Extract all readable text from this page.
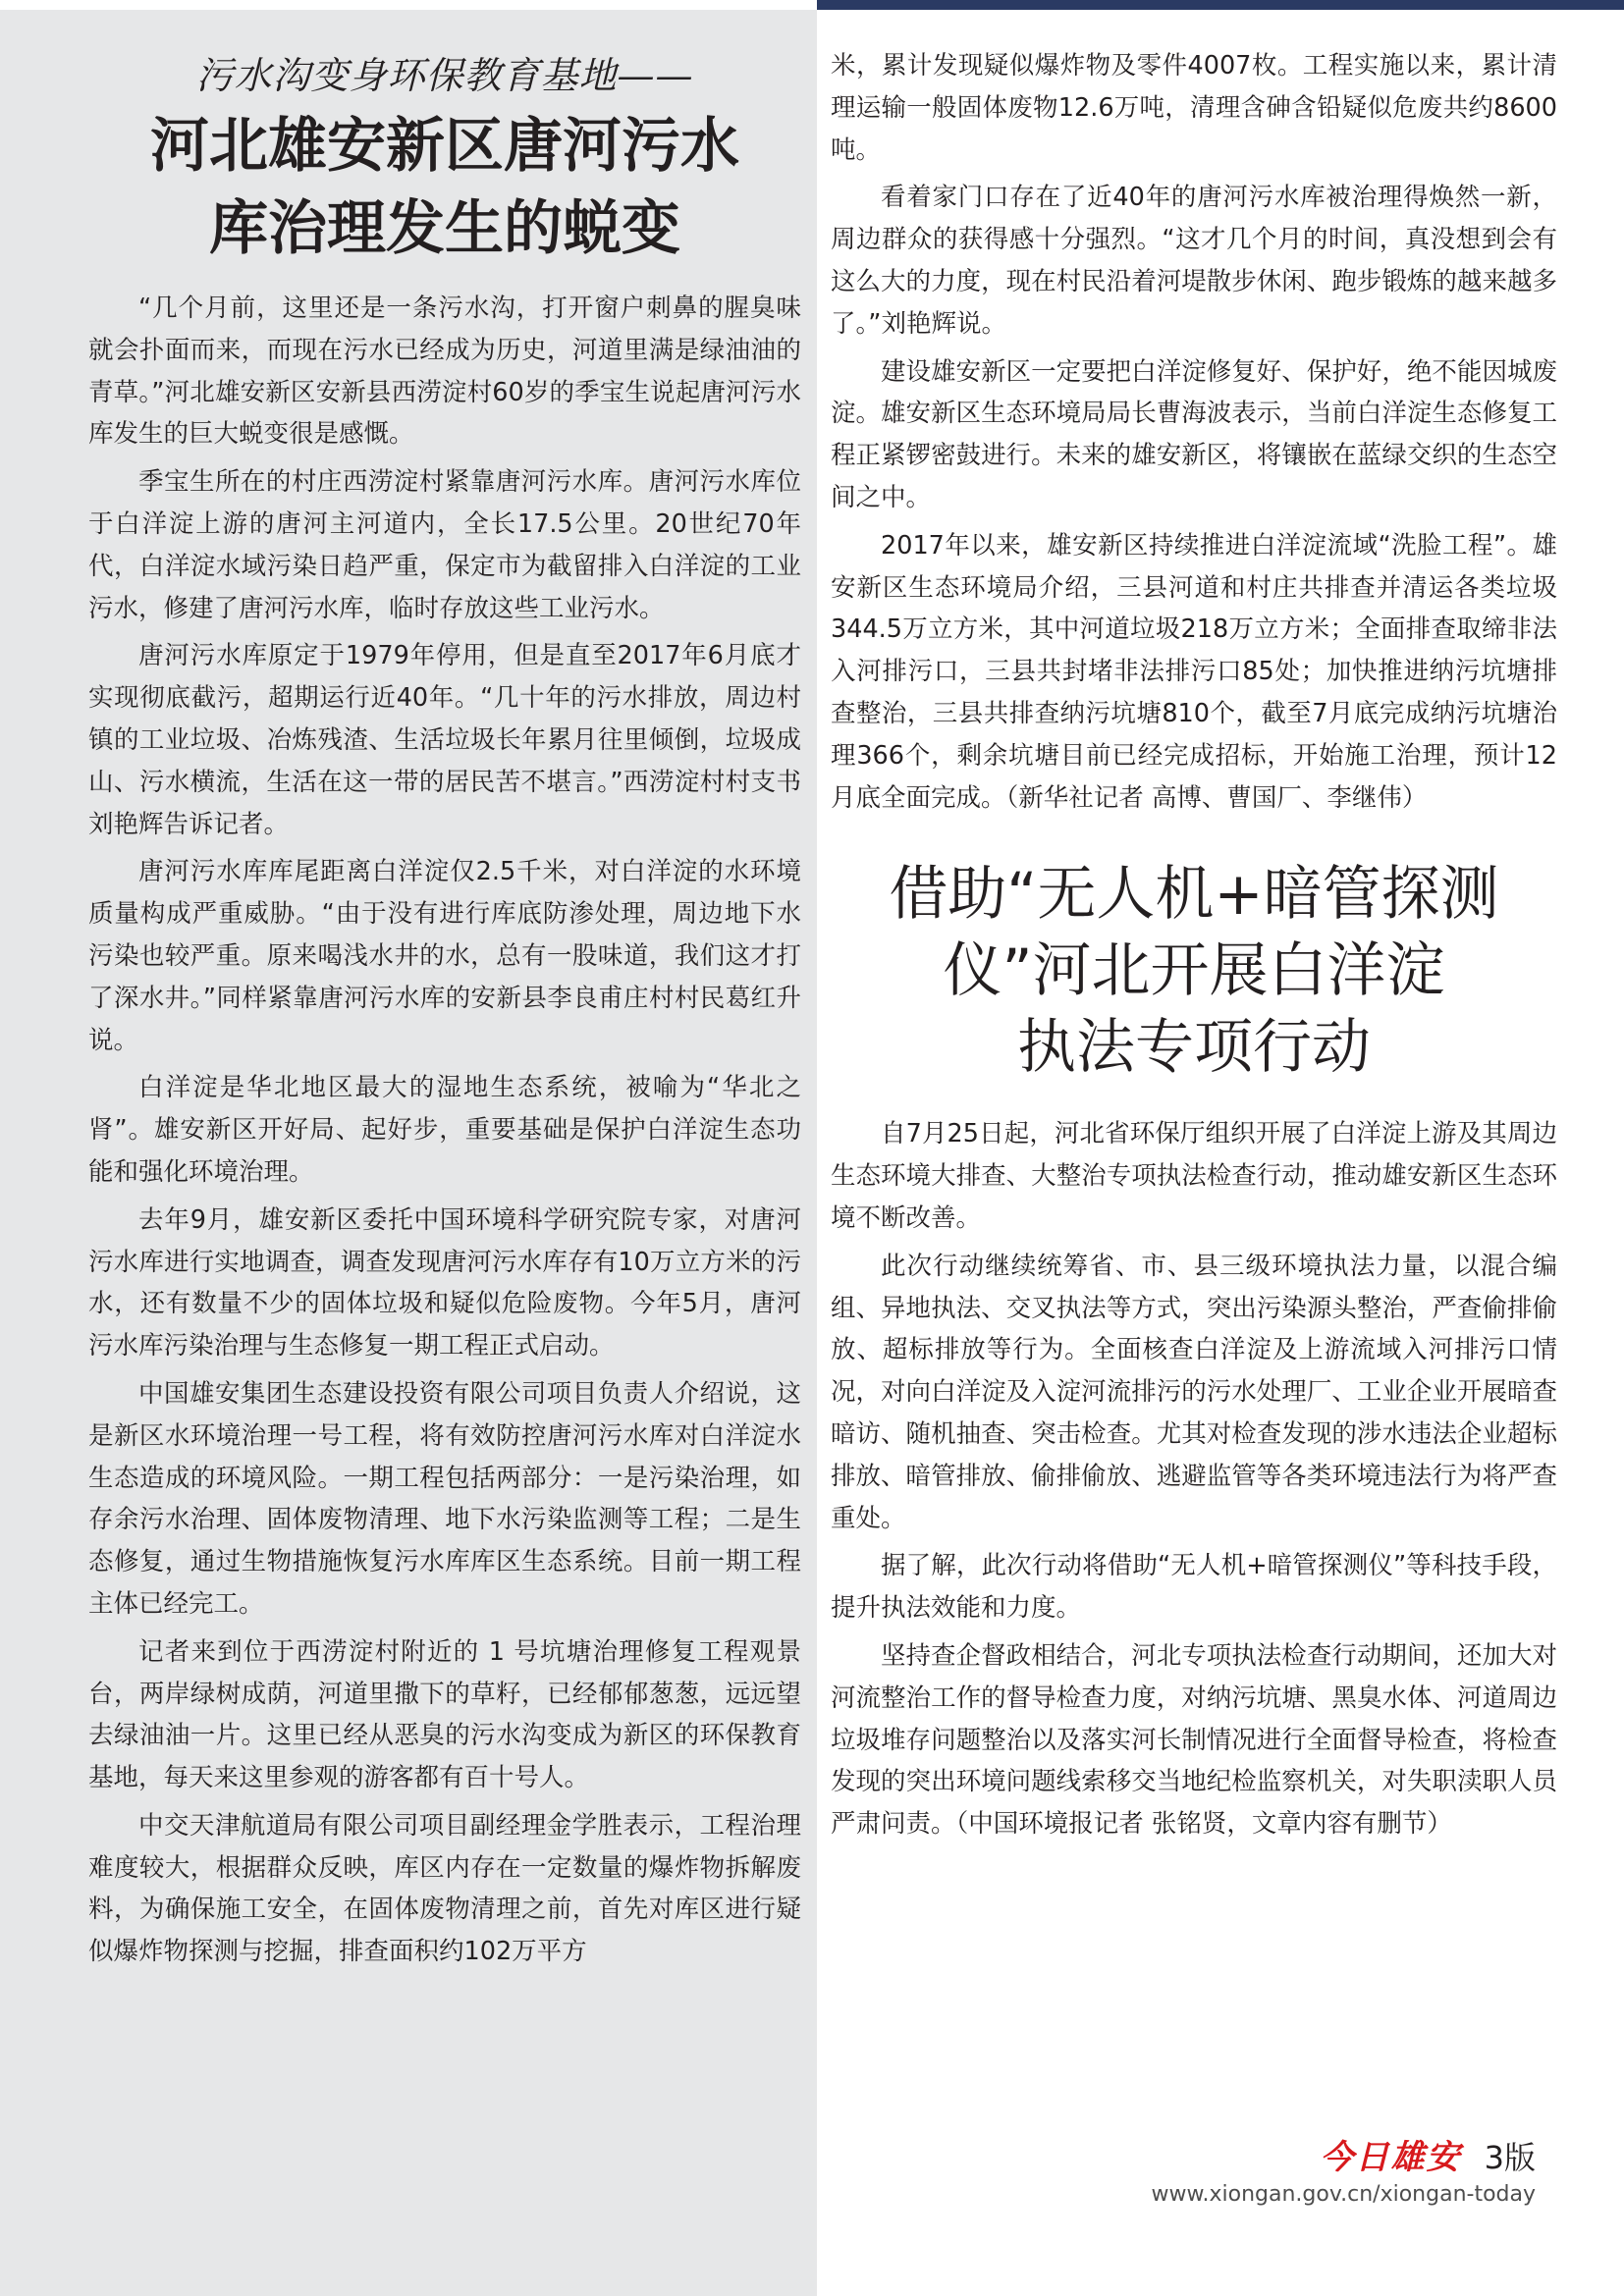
污水沟变身环保教育基地——

河北雄安新区唐河污水
库治理发生的蜕变

“几个月前，这里还是一条污水沟，打开窗户刺鼻的腥臭味就会扑面而来，而现在污水已经成为历史，河道里满是绿油油的青草。”河北雄安新区安新县西涝淀村60岁的季宝生说起唐河污水库发生的巨大蜕变很是感慨。

季宝生所在的村庄西涝淀村紧靠唐河污水库。唐河污水库位于白洋淀上游的唐河主河道内，全长17.5公里。20世纪70年代，白洋淀水域污染日趋严重，保定市为截留排入白洋淀的工业污水，修建了唐河污水库，临时存放这些工业污水。

唐河污水库原定于1979年停用，但是直至2017年6月底才实现彻底截污，超期运行近40年。“几十年的污水排放，周边村镇的工业垃圾、冶炼残渣、生活垃圾长年累月往里倾倒，垃圾成山、污水横流，生活在这一带的居民苦不堪言。”西涝淀村村支书刘艳辉告诉记者。

唐河污水库库尾距离白洋淀仅2.5千米，对白洋淀的水环境质量构成严重威胁。“由于没有进行库底防渗处理，周边地下水污染也较严重。原来喝浅水井的水，总有一股味道，我们这才打了深水井。”同样紧靠唐河污水库的安新县李良甫庄村村民葛红升说。

白洋淀是华北地区最大的湿地生态系统，被喻为“华北之肾”。雄安新区开好局、起好步，重要基础是保护白洋淀生态功能和强化环境治理。

去年9月，雄安新区委托中国环境科学研究院专家，对唐河污水库进行实地调查，调查发现唐河污水库存有10万立方米的污水，还有数量不少的固体垃圾和疑似危险废物。今年5月，唐河污水库污染治理与生态修复一期工程正式启动。

中国雄安集团生态建设投资有限公司项目负责人介绍说，这是新区水环境治理一号工程，将有效防控唐河污水库对白洋淀水生态造成的环境风险。一期工程包括两部分：一是污染治理，如存余污水治理、固体废物清理、地下水污染监测等工程；二是生态修复，通过生物措施恢复污水库库区生态系统。目前一期工程主体已经完工。

记者来到位于西涝淀村附近的 1 号坑塘治理修复工程观景台，两岸绿树成荫，河道里撒下的草籽，已经郁郁葱葱，远远望去绿油油一片。这里已经从恶臭的污水沟变成为新区的环保教育基地，每天来这里参观的游客都有百十号人。

中交天津航道局有限公司项目副经理金学胜表示，工程治理难度较大，根据群众反映，库区内存在一定数量的爆炸物拆解废料，为确保施工安全，在固体废物清理之前，首先对库区进行疑似爆炸物探测与挖掘，排查面积约102万平方

米，累计发现疑似爆炸物及零件4007枚。工程实施以来，累计清理运输一般固体废物12.6万吨，清理含砷含铅疑似危废共约8600吨。

看着家门口存在了近40年的唐河污水库被治理得焕然一新，周边群众的获得感十分强烈。“这才几个月的时间，真没想到会有这么大的力度，现在村民沿着河堤散步休闲、跑步锻炼的越来越多了。”刘艳辉说。

建设雄安新区一定要把白洋淀修复好、保护好，绝不能因城废淀。雄安新区生态环境局局长曹海波表示，当前白洋淀生态修复工程正紧锣密鼓进行。未来的雄安新区，将镶嵌在蓝绿交织的生态空间之中。

2017年以来，雄安新区持续推进白洋淀流域“洗脸工程”。雄安新区生态环境局介绍，三县河道和村庄共排查并清运各类垃圾344.5万立方米，其中河道垃圾218万立方米；全面排查取缔非法入河排污口，三县共封堵非法排污口85处；加快推进纳污坑塘排查整治，三县共排查纳污坑塘810个，截至7月底完成纳污坑塘治理366个，剩余坑塘目前已经完成招标，开始施工治理，预计12月底全面完成。（新华社记者 高博、曹国厂、李继伟）

借助“无人机+暗管探测
仪”河北开展白洋淀
执法专项行动

自7月25日起，河北省环保厅组织开展了白洋淀上游及其周边生态环境大排查、大整治专项执法检查行动，推动雄安新区生态环境不断改善。

此次行动继续统筹省、市、县三级环境执法力量，以混合编组、异地执法、交叉执法等方式，突出污染源头整治，严查偷排偷放、超标排放等行为。全面核查白洋淀及上游流域入河排污口情况，对向白洋淀及入淀河流排污的污水处理厂、工业企业开展暗查暗访、随机抽查、突击检查。尤其对检查发现的涉水违法企业超标排放、暗管排放、偷排偷放、逃避监管等各类环境违法行为将严查重处。

据了解，此次行动将借助“无人机+暗管探测仪”等科技手段，提升执法效能和力度。

坚持查企督政相结合，河北专项执法检查行动期间，还加大对河流整治工作的督导检查力度，对纳污坑塘、黑臭水体、河道周边垃圾堆存问题整治以及落实河长制情况进行全面督导检查，将检查发现的突出环境问题线索移交当地纪检监察机关，对失职渎职人员严肃问责。（中国环境报记者 张铭贤，文章内容有删节）

今日雄安 3版
www.xiongan.gov.cn/xiongan-today
